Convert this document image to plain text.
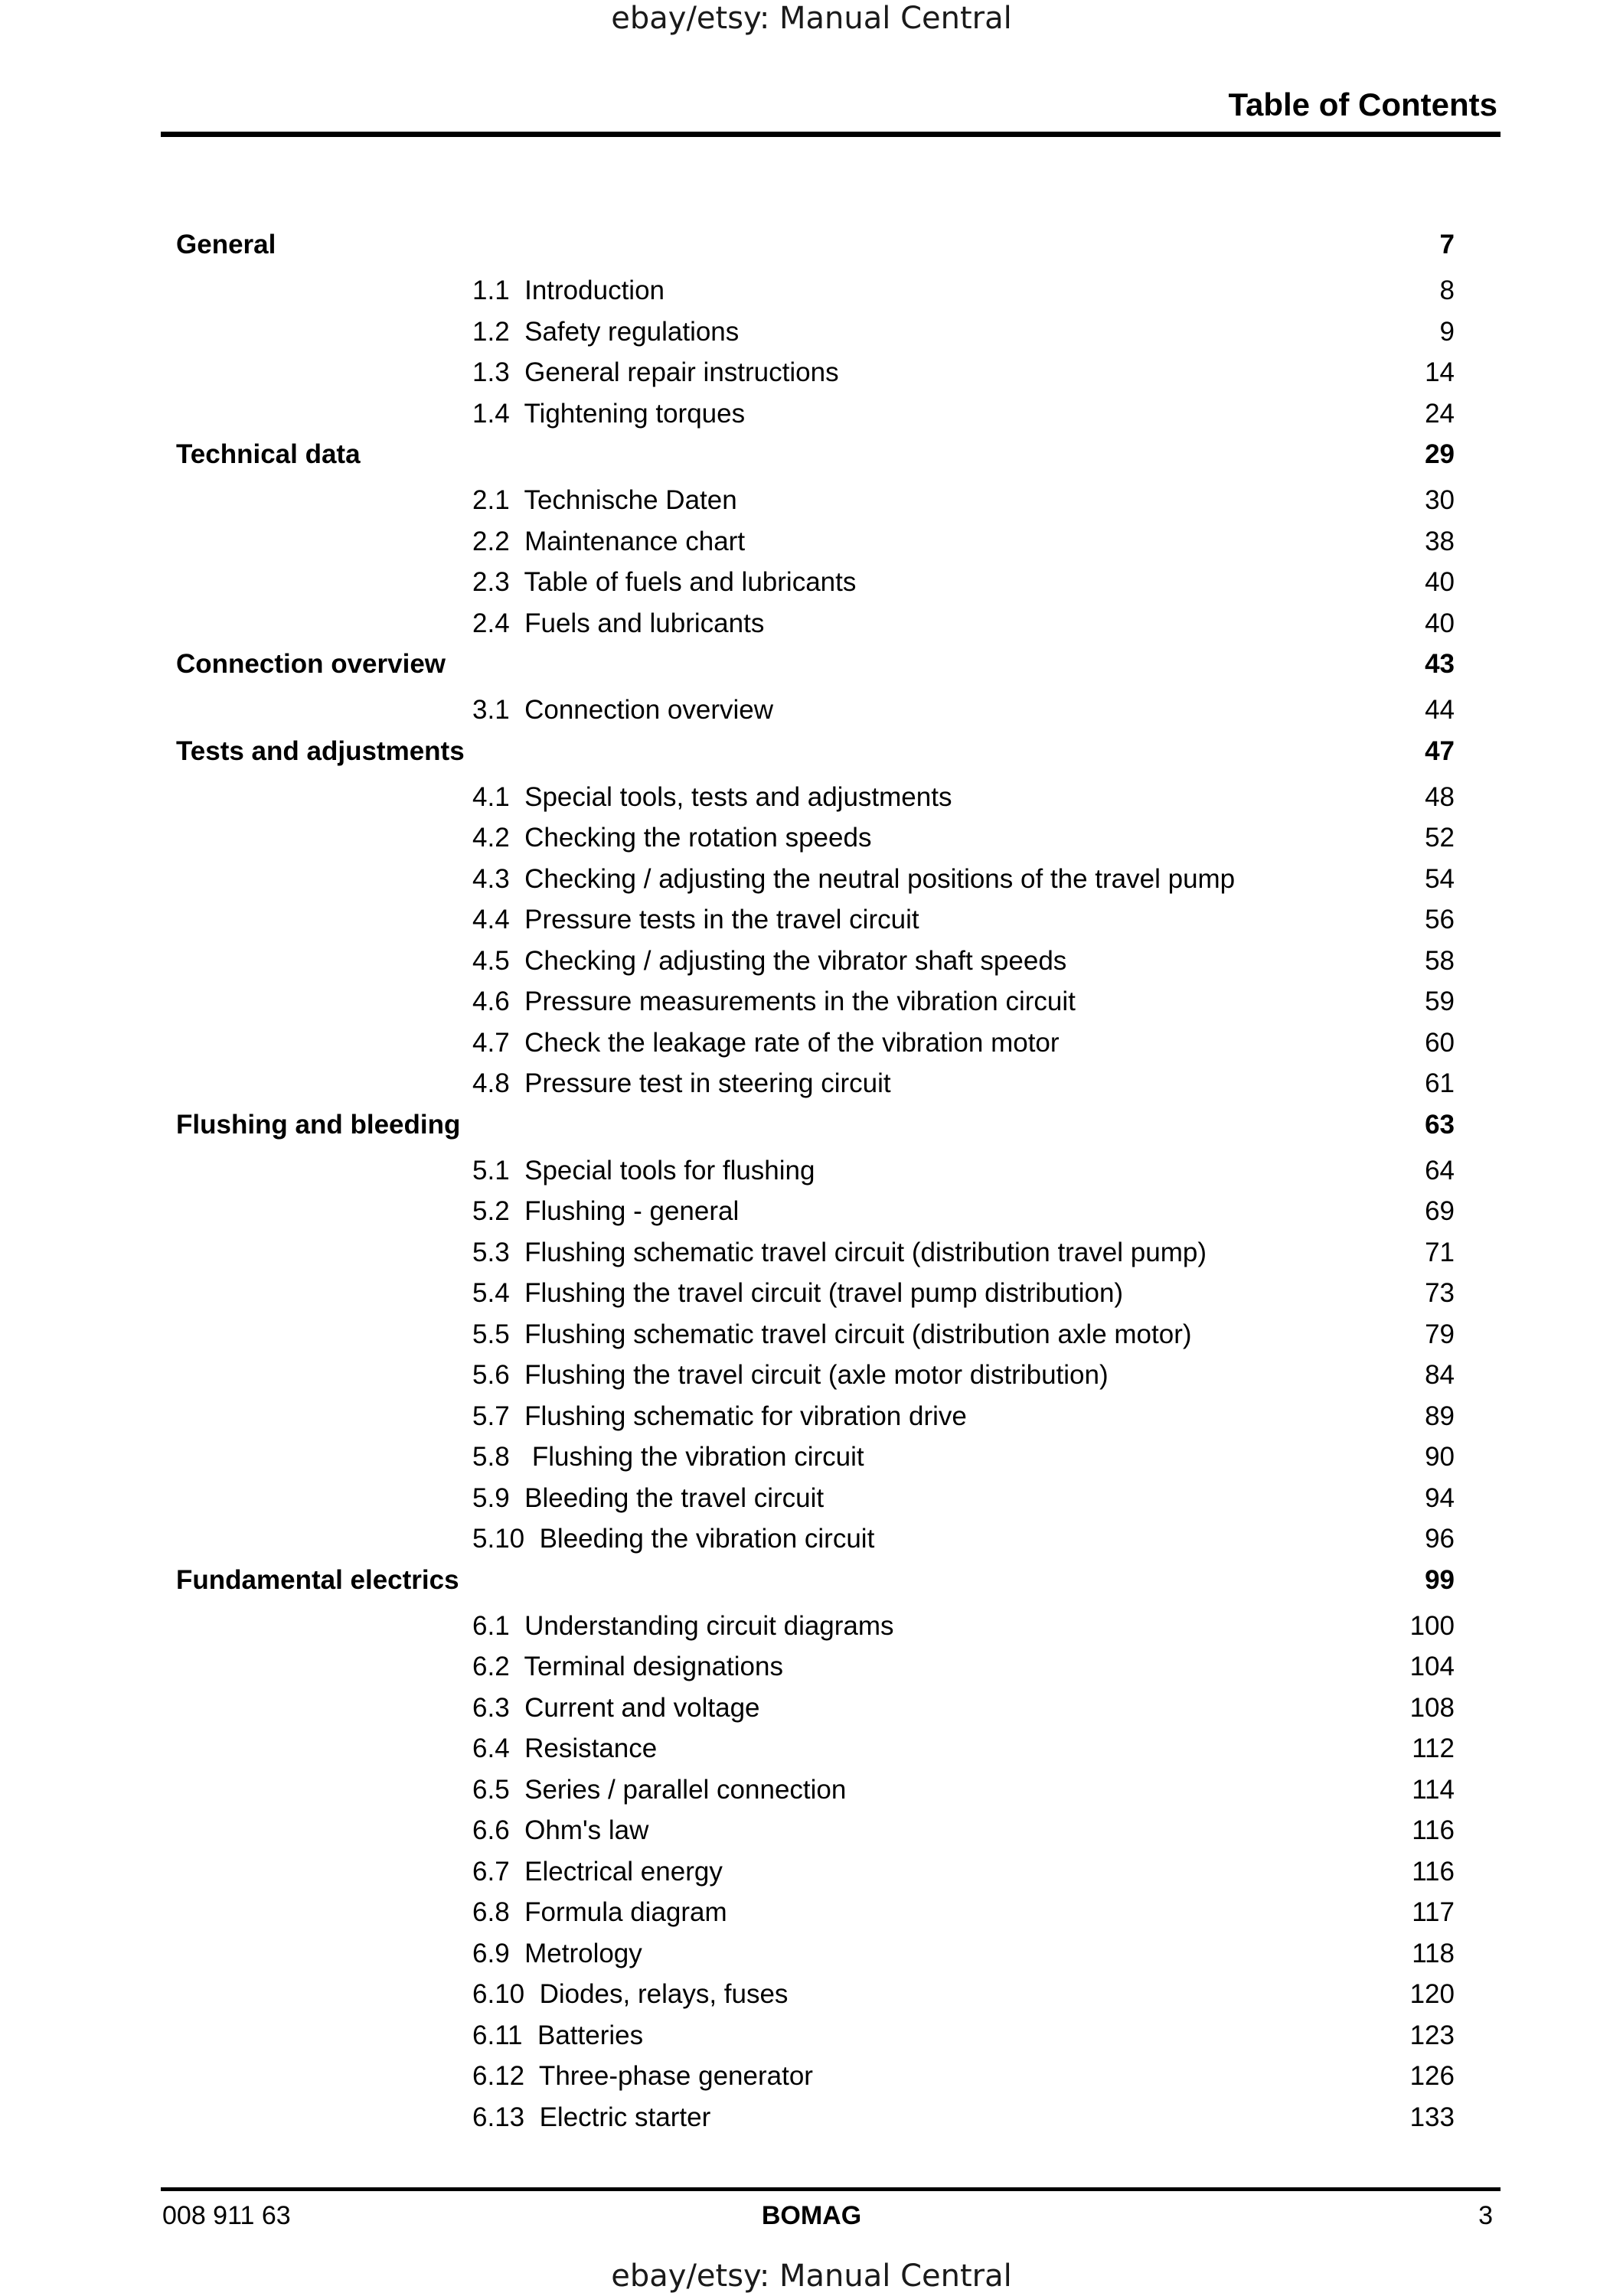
ebay/etsy: Manual Central
Table of Contents
General	7
1.1  Introduction	8
1.2  Safety regulations	9
1.3  General repair instructions	14
1.4  Tightening torques	24
Technical data	29
2.1  Technische Daten	30
2.2  Maintenance chart	38
2.3  Table of fuels and lubricants	40
2.4  Fuels and lubricants	40
Connection overview	43
3.1  Connection overview	44
Tests and adjustments	47
4.1  Special tools, tests and adjustments	48
4.2  Checking the rotation speeds	52
4.3  Checking / adjusting the neutral positions of the travel pump	54
4.4  Pressure tests in the travel circuit	56
4.5  Checking / adjusting the vibrator shaft speeds	58
4.6  Pressure measurements in the vibration circuit	59
4.7  Check the leakage rate of the vibration motor	60
4.8  Pressure test in steering circuit	61
Flushing and bleeding	63
5.1  Special tools for flushing	64
5.2  Flushing - general	69
5.3  Flushing schematic travel circuit (distribution travel pump)	71
5.4  Flushing the travel circuit (travel pump distribution)	73
5.5  Flushing schematic travel circuit (distribution axle motor)	79
5.6  Flushing the travel circuit (axle motor distribution)	84
5.7  Flushing schematic for vibration drive	89
5.8   Flushing the vibration circuit	90
5.9  Bleeding the travel circuit	94
5.10  Bleeding the vibration circuit	96
Fundamental electrics	99
6.1  Understanding circuit diagrams	100
6.2  Terminal designations	104
6.3  Current and voltage	108
6.4  Resistance	112
6.5  Series / parallel connection	114
6.6  Ohm's law	116
6.7  Electrical energy	116
6.8  Formula diagram	117
6.9  Metrology	118
6.10  Diodes, relays, fuses	120
6.11  Batteries	123
6.12  Three-phase generator	126
6.13  Electric starter	133
008 911 63	BOMAG	3
ebay/etsy: Manual Central
